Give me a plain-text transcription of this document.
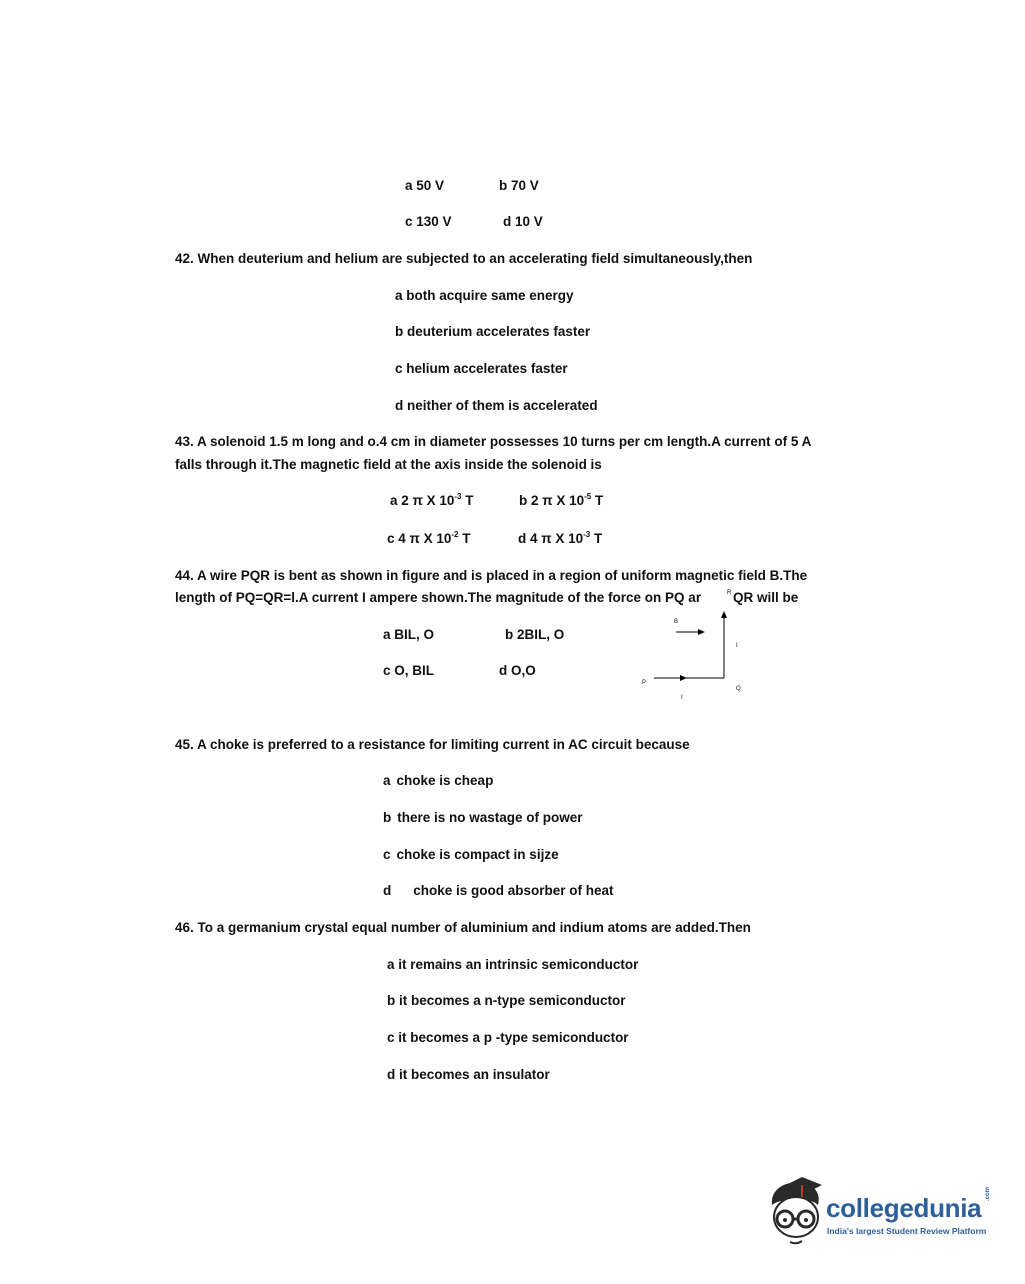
a 50 V	b 70 V
c 130 V	d 10 V
42. When deuterium and helium are subjected to an accelerating field simultaneously,then
a both acquire same energy
b deuterium accelerates faster
c helium accelerates faster
d neither of them is accelerated
43. A solenoid 1.5 m long and o.4 cm in diameter possesses 10 turns per cm length.A current of 5 A
falls through it.The magnetic field at the axis inside the solenoid is
a 2 π X $10^{-3}$ T	b 2 π X $10^{-5}$ T
c 4 π X $10^{-2}$ T	d 4 π X $10^{-3}$ T
44. A wire PQR is bent as shown in figure and is placed in a region of uniform magnetic field B.The
length of PQ=QR=l.A current I ampere shown.The magnitude of the force on PQ ar QR will be
a BIL, O	b 2BIL, O
c O, BIL	d O,O
R
B
I
P
Q
I
45. A choke is preferred to a resistance for limiting current in AC circuit because
a choke is cheap
b there is no wastage of power
c choke is compact in sijze
d choke is good absorber of heat
46. To a germanium crystal equal number of aluminium and indium atoms are added.Then
a it remains an intrinsic semiconductor
b it becomes a n-type semiconductor
c it becomes a p -type semiconductor
d it becomes an insulator
collegedunia .com
India's largest Student Review Platform
